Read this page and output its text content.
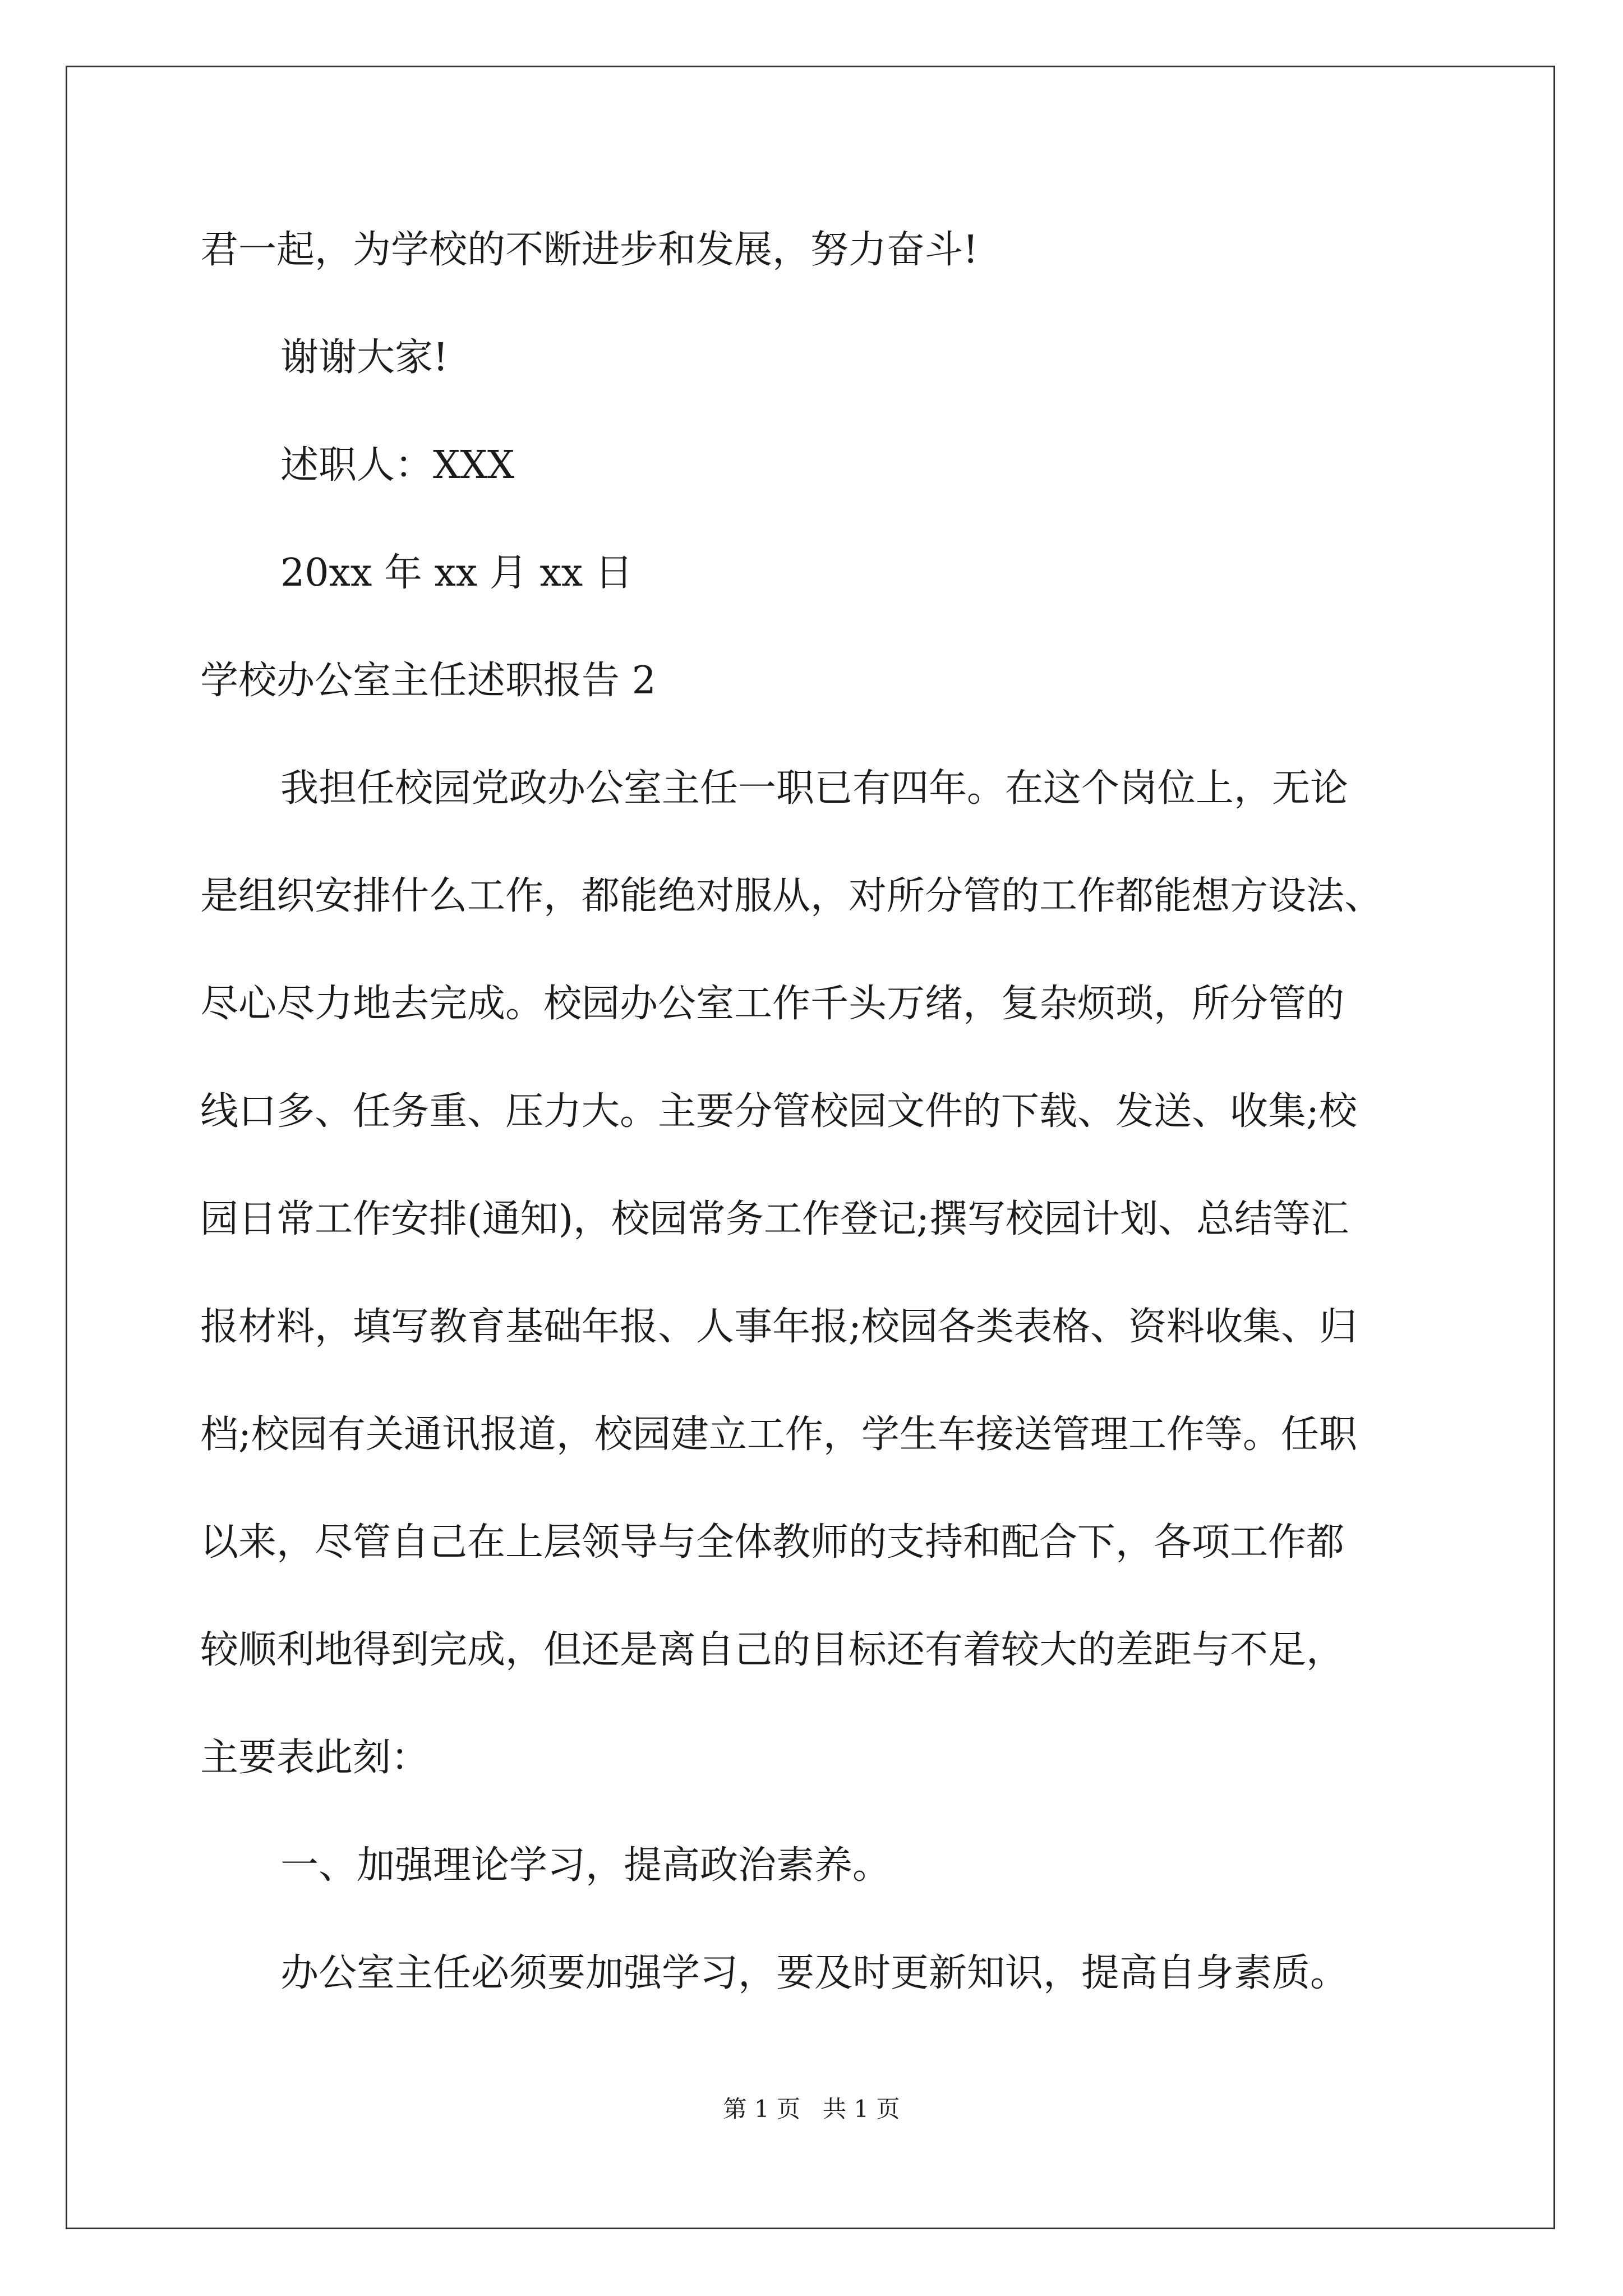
君一起，为学校的不断进步和发展，努力奋斗!

谢谢大家!

述职人：XXX

20xx 年 xx 月 xx 日

学校办公室主任述职报告 2

我担任校园党政办公室主任一职已有四年。在这个岗位上，无论

是组织安排什么工作，都能绝对服从，对所分管的工作都能想方设法、

尽心尽力地去完成。校园办公室工作千头万绪，复杂烦琐，所分管的

线口多、任务重、压力大。主要分管校园文件的下载、发送、收集;校

园日常工作安排(通知)，校园常务工作登记;撰写校园计划、总结等汇

报材料，填写教育基础年报、人事年报;校园各类表格、资料收集、归

档;校园有关通讯报道，校园建立工作，学生车接送管理工作等。任职

以来，尽管自己在上层领导与全体教师的支持和配合下，各项工作都

较顺利地得到完成，但还是离自己的目标还有着较大的差距与不足，

主要表此刻：

一、加强理论学习，提高政治素养。

办公室主任必须要加强学习，要及时更新知识，提高自身素质。

第 1 页   共 1 页
